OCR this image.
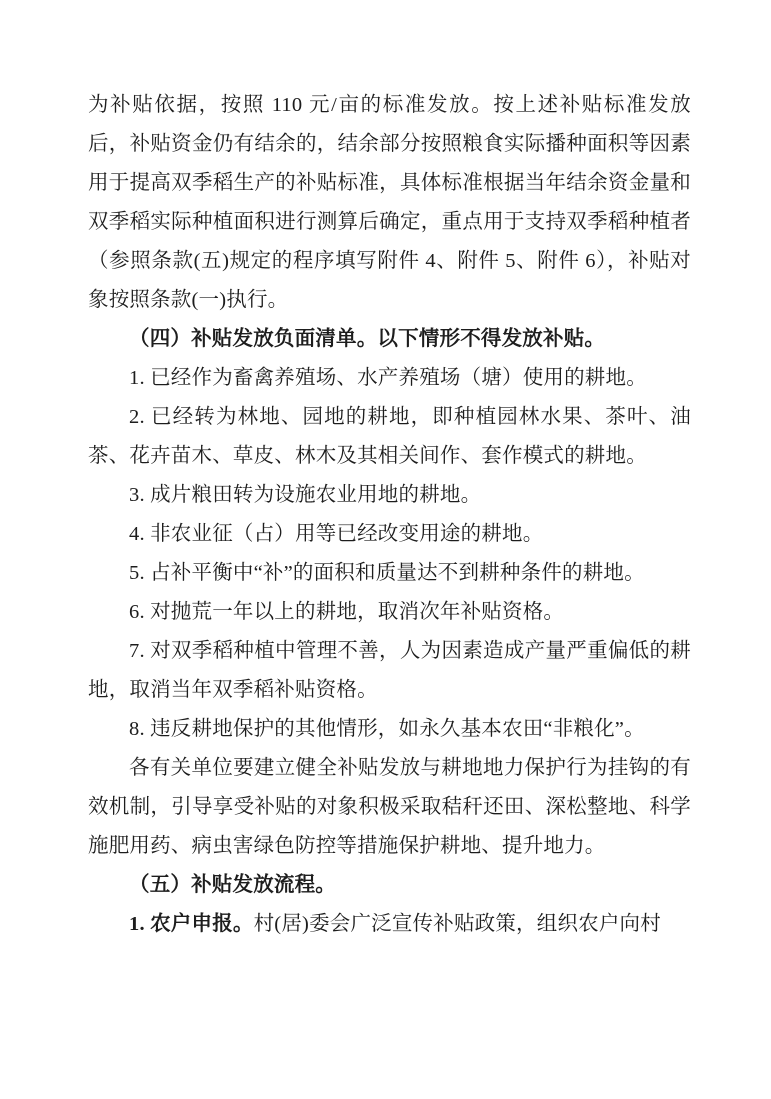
为补贴依据，按照 110 元/亩的标准发放。按上述补贴标准发放后，补贴资金仍有结余的，结余部分按照粮食实际播种面积等因素用于提高双季稻生产的补贴标准，具体标准根据当年结余资金量和双季稻实际种植面积进行测算后确定，重点用于支持双季稻种植者（参照条款(五)规定的程序填写附件 4、附件 5、附件 6），补贴对象按照条款(一)执行。

（四）补贴发放负面清单。以下情形不得发放补贴。

1. 已经作为畜禽养殖场、水产养殖场（塘）使用的耕地。

2. 已经转为林地、园地的耕地，即种植园林水果、茶叶、油茶、花卉苗木、草皮、林木及其相关间作、套作模式的耕地。

3. 成片粮田转为设施农业用地的耕地。

4. 非农业征（占）用等已经改变用途的耕地。

5. 占补平衡中“补”的面积和质量达不到耕种条件的耕地。

6. 对抛荒一年以上的耕地，取消次年补贴资格。

7. 对双季稻种植中管理不善，人为因素造成产量严重偏低的耕地，取消当年双季稻补贴资格。

8. 违反耕地保护的其他情形，如永久基本农田“非粮化”。

各有关单位要建立健全补贴发放与耕地地力保护行为挂钩的有效机制，引导享受补贴的对象积极采取秸秆还田、深松整地、科学施肥用药、病虫害绿色防控等措施保护耕地、提升地力。

（五）补贴发放流程。

1. 农户申报。村(居)委会广泛宣传补贴政策，组织农户向村
